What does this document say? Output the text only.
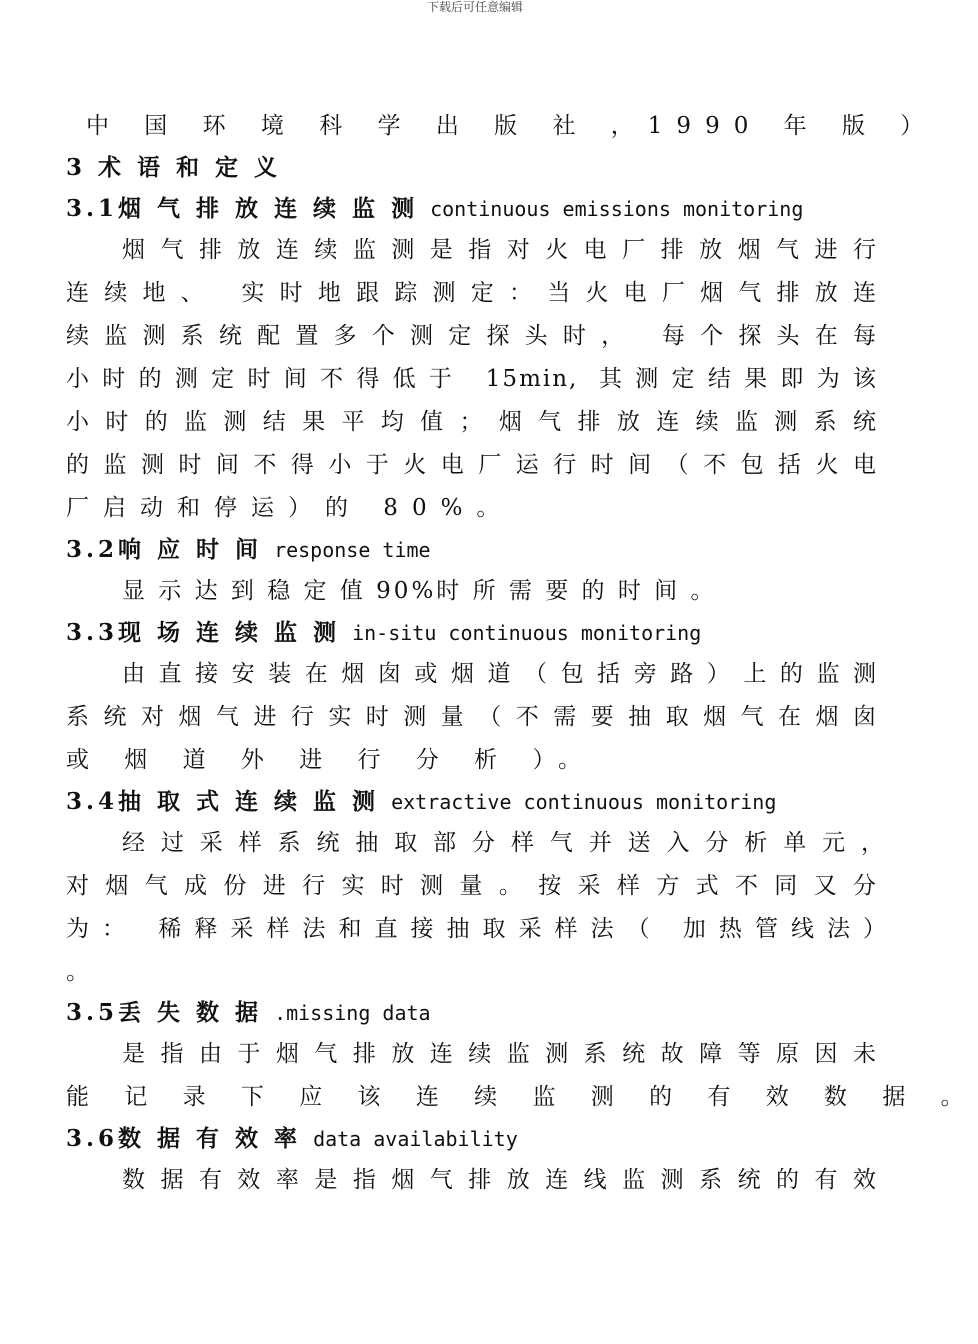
下载后可任意编辑
中 国 环 境 科 学 出 版 社 ，1990 年 版 ）
3 术 语 和 定 义
3.1烟 气 排 放 连 续 监 测 continuous emissions monitoring
烟气排放连续监测是指对火电厂排放烟气进行
连续地、 实时地跟踪测定：当火电厂烟气排放连
续监测系统配置多个测定探头时， 每个探头在每
小时的测定时间不得低于 15min, 其测定结果即为该
小时的监测结果平均值；烟气排放连续监测系统
的监测时间不得小于火电厂运行时间（不包括火电
厂启动和停运）的 80%。
3.2响 应 时 间 response time
显 示 达 到 稳 定 值 90%时 所 需 要 的 时 间 。
3.3现 场 连 续 监 测 in-situ continuous monitoring
由直接安装在烟囱或烟道（包括旁路）上的监测
系统对烟气进行实时测量（不需要抽取烟气在烟囱
或 烟 道 外 进 行 分 析 ）。
3.4抽 取 式 连 续 监 测 extractive continuous monitoring
经过采样系统抽取部分样气并送入分析单元，
对烟气成份进行实时测量。按采样方式不同又分
为： 稀释采样法和直接抽取采样法（ 加热管线法）
。
3.5丢 失 数 据 .missing data
是指由于烟气排放连续监测系统故障等原因未
能 记 录 下 应 该 连 续 监 测 的 有 效 数 据 。
3.6数 据 有 效 率 data availability
数据有效率是指烟气排放连线监测系统的有效
